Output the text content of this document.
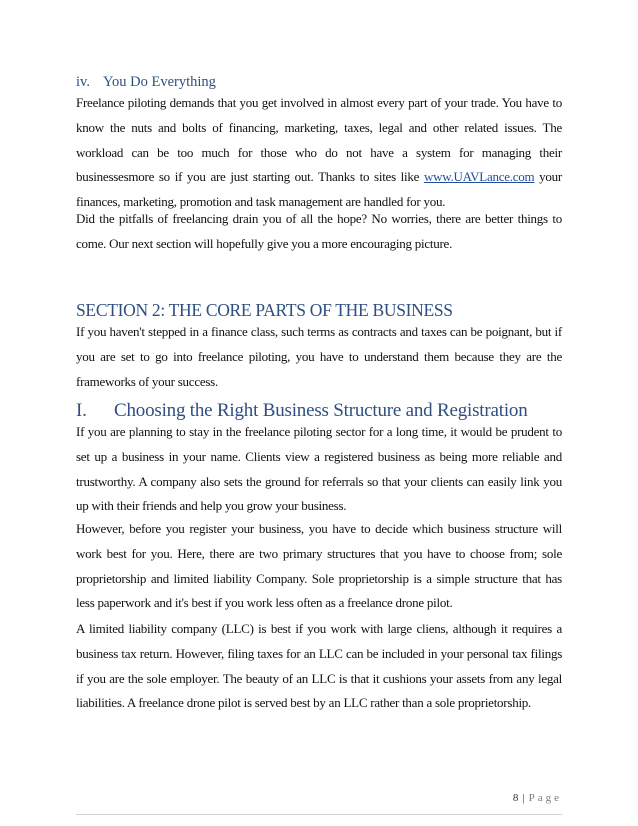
iv. You Do Everything

Freelance piloting demands that you get involved in almost every part of your trade. You have to know the nuts and bolts of financing, marketing, taxes, legal and other related issues. The workload can be too much for those who do not have a system for managing their businessesmore so if you are just starting out. Thanks to sites like www.UAVLance.com your finances, marketing, promotion and task management are handled for you.

Did the pitfalls of freelancing drain you of all the hope? No worries, there are better things to come. Our next section will hopefully give you a more encouraging picture.

SECTION 2: THE CORE PARTS OF THE BUSINESS

If you haven't stepped in a finance class, such terms as contracts and taxes can be poignant, but if you are set to go into freelance piloting, you have to understand them because they are the frameworks of your success.

I. Choosing the Right Business Structure and Registration

If you are planning to stay in the freelance piloting sector for a long time, it would be prudent to set up a business in your name. Clients view a registered business as being more reliable and trustworthy. A company also sets the ground for referrals so that your clients can easily link you up with their friends and help you grow your business.

However, before you register your business, you have to decide which business structure will work best for you. Here, there are two primary structures that you have to choose from; sole proprietorship and limited liability Company. Sole proprietorship is a simple structure that has less paperwork and it's best if you work less often as a freelance drone pilot.

A limited liability company (LLC) is best if you work with large cliens, although it requires a business tax return. However, filing taxes for an LLC can be included in your personal tax filings if you are the sole employer. The beauty of an LLC is that it cushions your assets from any legal liabilities. A freelance drone pilot is served best by an LLC rather than a sole proprietorship.

8 | Page
